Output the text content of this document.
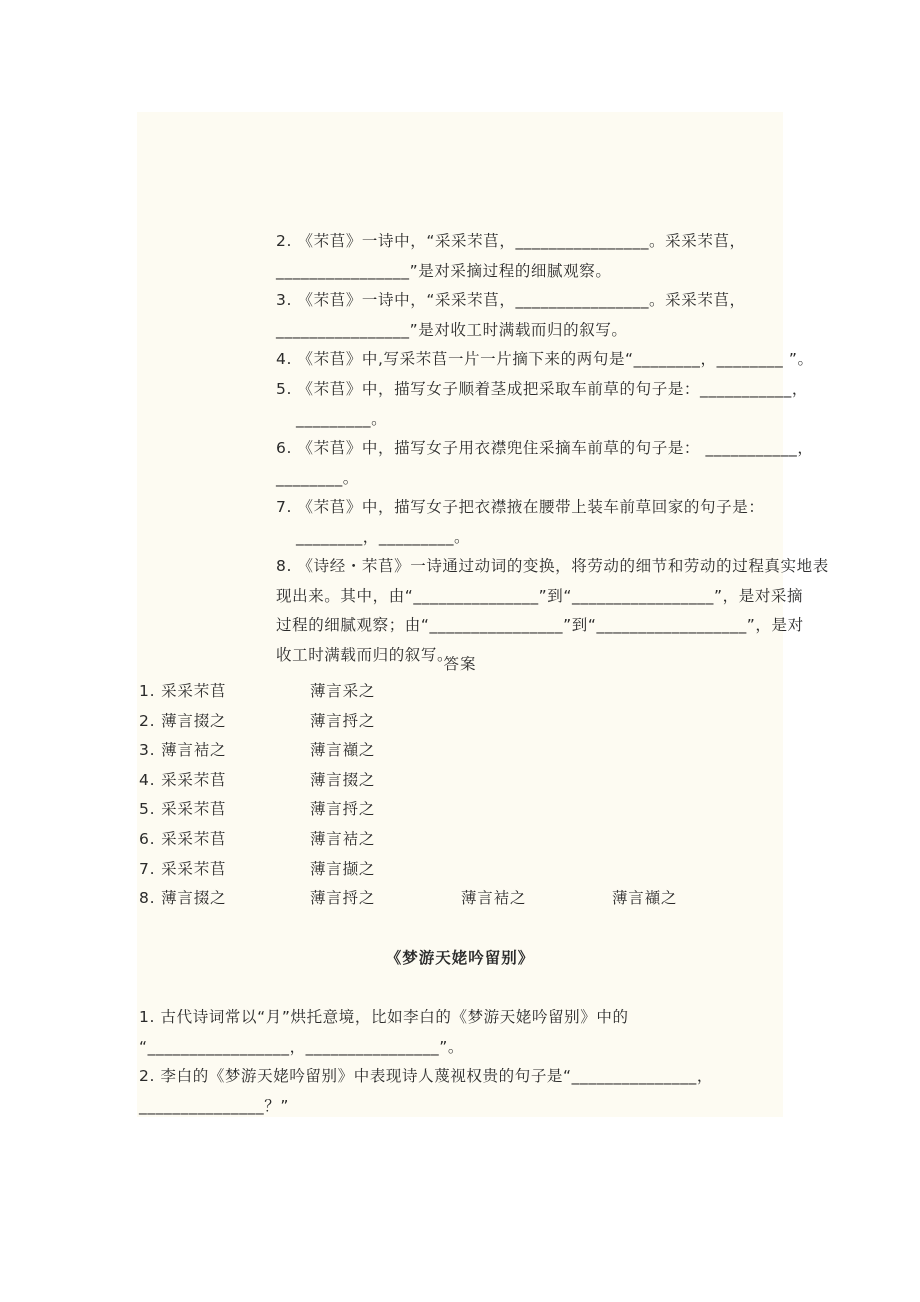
2. 《芣苢》一诗中，“采采芣苢，________________。采采芣苢，
________________”是对采摘过程的细腻观察。
3. 《芣苢》一诗中，“采采芣苢，________________。采采芣苢，
________________”是对收工时满载而归的叙写。
4. 《芣苢》中,写采芣苢一片一片摘下来的两句是“________，________ ”。
5. 《芣苢》中，描写女子顺着茎成把采取车前草的句子是：___________，
_________。
6. 《芣苢》中，描写女子用衣襟兜住采摘车前草的句子是： ___________，
________。
7. 《芣苢》中，描写女子把衣襟掖在腰带上装车前草回家的句子是：
________，_________。
8. 《诗经・芣苢》一诗通过动词的变换，将劳动的细节和劳动的过程真实地表
现出来。其中，由“_______________”到“_________________”，是对采摘
过程的细腻观察；由“________________”到“__________________”，是对
收工时满载而归的叙写。
答案
1. 采采芣苢	薄言采之
2. 薄言掇之	薄言捋之
3. 薄言袺之	薄言襭之
4. 采采芣苢	薄言掇之
5. 采采芣苢	薄言捋之
6. 采采芣苢	薄言袺之
7. 采采芣苢	薄言撷之
8. 薄言掇之	薄言捋之	薄言袺之	薄言襭之
《梦游天姥吟留别》
1. 古代诗词常以“月”烘托意境，比如李白的《梦游天姥吟留别》中的
“_________________，________________”。
2. 李白的《梦游天姥吟留别》中表现诗人蔑视权贵的句子是“_______________，
_______________？”
